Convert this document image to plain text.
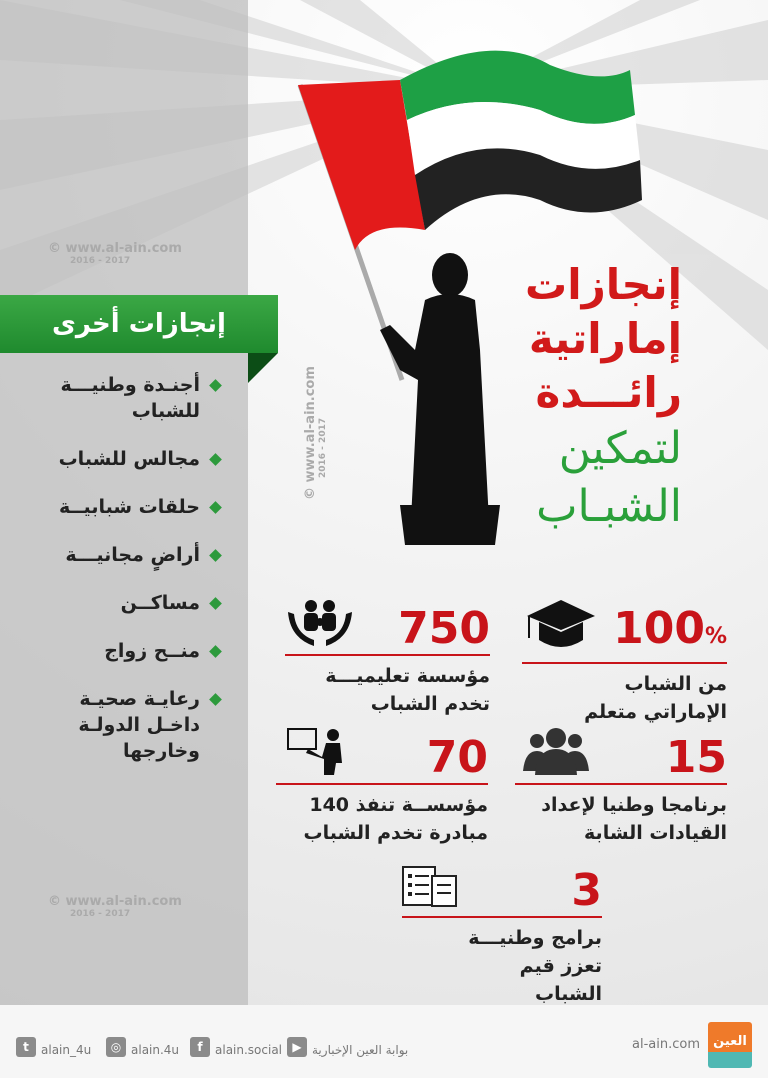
© www.al-ain.com
2016 - 2017
© www.al-ain.com
2016 - 2017
© www.al-ain.com 2016 - 2017
إنجازات
إماراتية
رائـــدة
لتمكين
الشبـاب
إنجازات أخرى
أجنـدة وطنيـــة للشباب
مجالس للشباب
حلقات شبابيــة
أراضٍ مجانيـــة
مساكــن
منــح زواج
رعايـة صحيـة داخـل الدولـة وخارجها
100%
من الشباب الإماراتي متعلم
750
مؤسسة تعليميـــة تخدم الشباب
15
برنامجا وطنيا لإعداد القيادات الشابة
70
مؤسســة تنفذ 140 مبادرة تخدم الشباب
3
برامج وطنيـــة تعزز قيم الشباب
t	alain_4u	◎ alain.4u	f	alain.social ▶ بوابة العين الإخبارية	al-ain.com	العين
